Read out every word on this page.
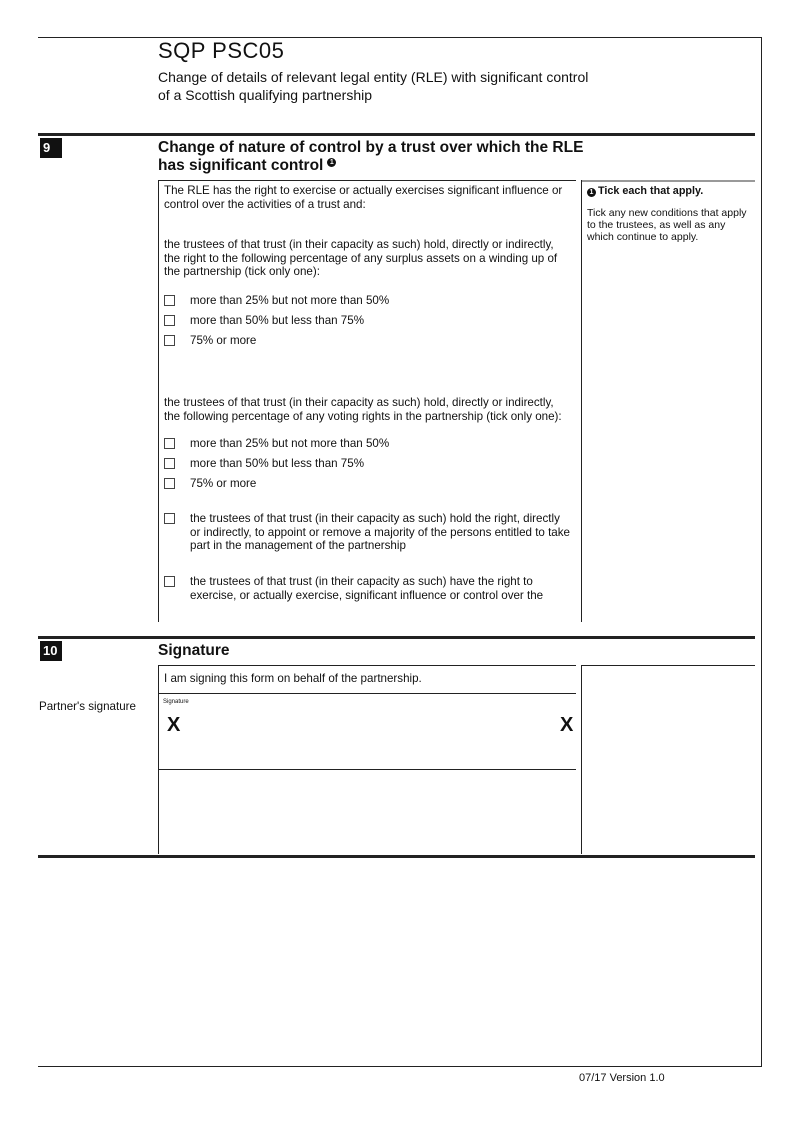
SQP PSC05
Change of details of relevant legal entity (RLE) with significant control
of a Scottish qualifying partnership
9	Change of nature of control by a trust over which the RLE
has significant control 1
The RLE has the right to exercise or actually exercises significant influence or control over the activities of a trust and:
the trustees of that trust (in their capacity as such) hold, directly or indirectly, the right to the following percentage of any surplus assets on a winding up of the partnership (tick only one):
more than 25% but not more than 50%
more than 50% but less than 75%
75% or more
the trustees of that trust (in their capacity as such) hold, directly or indirectly, the following percentage of any voting rights in the partnership (tick only one):
more than 25% but not more than 50%
more than 50% but less than 75%
75% or more
the trustees of that trust (in their capacity as such) hold the right, directly or indirectly, to appoint or remove a majority of the persons entitled to take part in the management of the partnership
the trustees of that trust (in their capacity as such) have the right to exercise, or actually exercise, significant influence or control over the
1 Tick each that apply.
Tick any new conditions that apply to the trustees, as well as any which continue to apply.
10	Signature
I am signing this form on behalf of the partnership.
Partner's signature	Signature
X	X
07/17 Version 1.0
